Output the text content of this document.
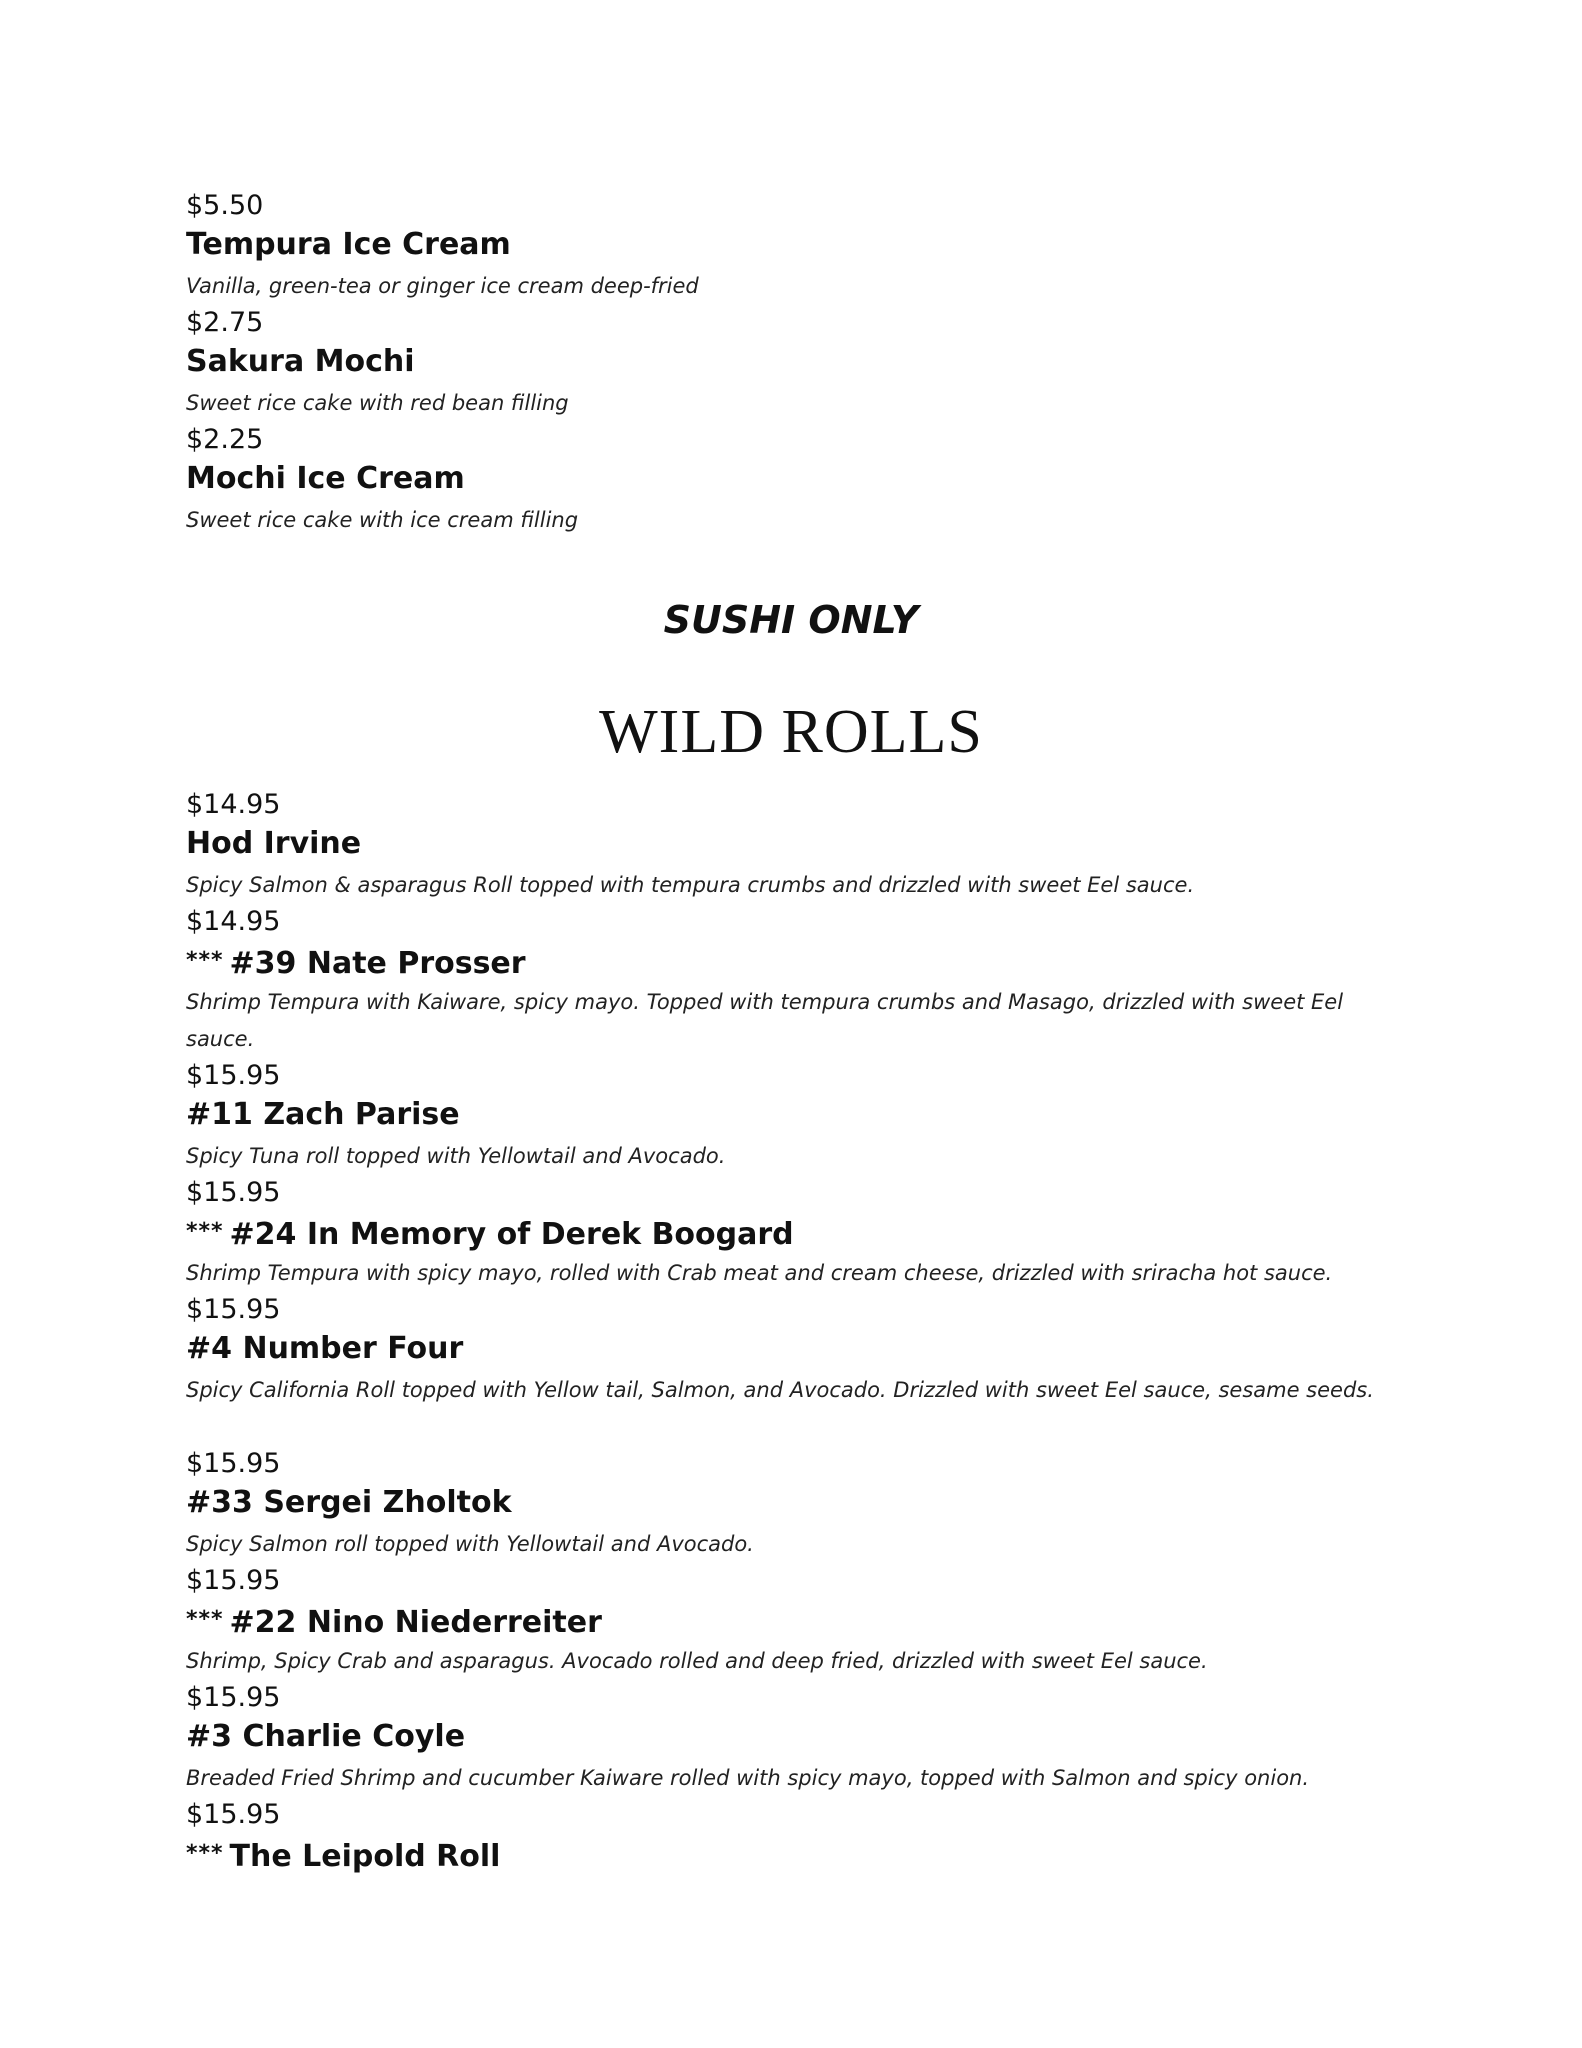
$5.50
Tempura Ice Cream
Vanilla, green-tea or ginger ice cream deep-fried
$2.75
Sakura Mochi
Sweet rice cake with red bean filling
$2.25
Mochi Ice Cream
Sweet rice cake with ice cream filling
SUSHI ONLY
WILD ROLLS
$14.95
Hod Irvine
Spicy Salmon & asparagus Roll topped with tempura crumbs and drizzled with sweet Eel sauce.
$14.95
*** #39 Nate Prosser
Shrimp Tempura with Kaiware, spicy mayo. Topped with tempura crumbs and Masago, drizzled with sweet Eel sauce.
$15.95
#11 Zach Parise
Spicy Tuna roll topped with Yellowtail and Avocado.
$15.95
*** #24 In Memory of Derek Boogard
Shrimp Tempura with spicy mayo, rolled with Crab meat and cream cheese, drizzled with sriracha hot sauce.
$15.95
#4 Number Four
Spicy California Roll topped with Yellow tail, Salmon, and Avocado. Drizzled with sweet Eel sauce, sesame seeds.
$15.95
#33 Sergei Zholtok
Spicy Salmon roll topped with Yellowtail and Avocado.
$15.95
*** #22 Nino Niederreiter
Shrimp, Spicy Crab and asparagus. Avocado rolled and deep fried, drizzled with sweet Eel sauce.
$15.95
#3 Charlie Coyle
Breaded Fried Shrimp and cucumber Kaiware rolled with spicy mayo, topped with Salmon and spicy onion.
$15.95
*** The Leipold Roll
